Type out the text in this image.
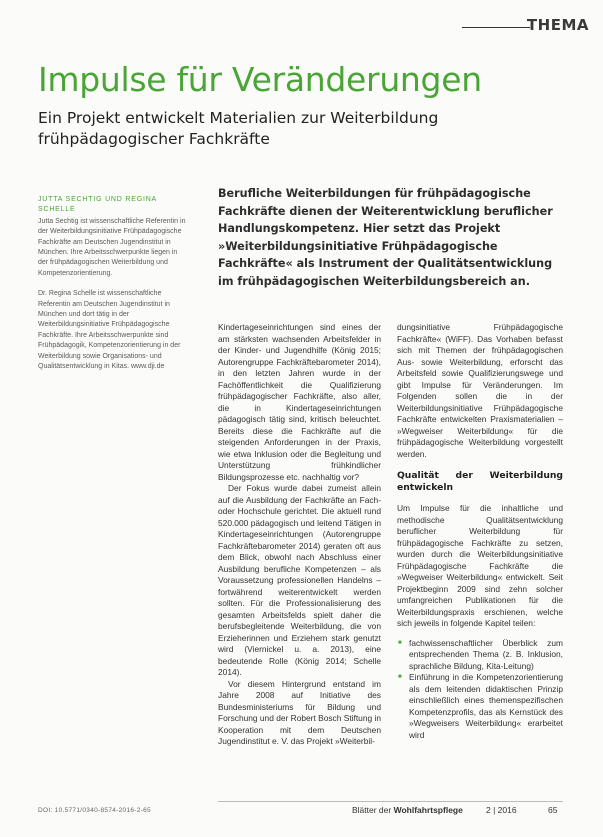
THEMA
Impulse für Veränderungen
Ein Projekt entwickelt Materialien zur Weiterbildung frühpädagogischer Fachkräfte
JUTTA SECHTIG UND REGINA SCHELLE

Jutta Sechtig ist wissenschaftliche Referentin in der Weiterbildungsinitiative Frühpädagogische Fachkräfte am Deutschen Jugendinstitut in München. Ihre Arbeitsschwerpunkte liegen in der frühpädagogischen Weiterbildung und Kompetenzorientierung.

Dr. Regina Schelle ist wissenschaftliche Referentin am Deutschen Jugendinstitut in München und dort tätig in der Weiterbildungsinitiative Frühpädagogische Fachkräfte. Ihre Arbeitsschwerpunkte sind Frühpädagogik, Kompetenzorientierung in der Weiterbildung sowie Organisations- und Qualitätsentwicklung in Kitas. www.dji.de

Berufliche Weiterbildungen für frühpädagogische Fachkräfte dienen der Weiterentwicklung beruflicher Handlungskompetenz. Hier setzt das Projekt »Weiterbildungsinitiative Frühpädagogische Fachkräfte« als Instrument der Qualitätsentwicklung im frühpädagogischen Weiterbildungsbereich an.

Kindertageseinrichtungen sind eines der am stärksten wachsenden Arbeitsfelder in der Kinder- und Jugendhilfe (König 2015; Autorengruppe Fachkräftebarometer 2014), in den letzten Jahren wurde in der Fachöffentlichkeit die Qualifizierung frühpädagogischer Fachkräfte, also aller, die in Kindertageseinrichtungen pädagogisch tätig sind, kritisch beleuchtet. Bereits diese die Fachkräfte auf die steigenden Anforderungen in der Praxis, wie etwa Inklusion oder die Begleitung und Unterstützung frühkindlicher Bildungsprozesse etc. nachhaltig vor?

Der Fokus wurde dabei zumeist allein auf die Ausbildung der Fachkräfte an Fach- oder Hochschule gerichtet. Die aktuell rund 520.000 pädagogisch und leitend Tätigen in Kindertageseinrichtungen (Autorengruppe Fachkräftebarometer 2014) geraten oft aus dem Blick, obwohl nach Abschluss einer Ausbildung berufliche Kompetenzen – als Voraussetzung professionellen Handelns – fortwährend weiterentwickelt werden sollten. Für die Professionalisierung des gesamten Arbeitsfelds spielt daher die berufsbegleitende Weiterbildung, die von Erzieherinnen und Erziehern stark genutzt wird (Viernickel u. a. 2013), eine bedeutende Rolle (König 2014; Schelle 2014).

Vor diesem Hintergrund entstand im Jahre 2008 auf Initiative des Bundesministeriums für Bildung und Forschung und der Robert Bosch Stiftung in Kooperation mit dem Deutschen Jugendinstitut e. V. das Projekt »Weiterbil-

dungsinitiative Frühpädagogische Fachkräfte« (WiFF). Das Vorhaben befasst sich mit Themen der frühpädagogischen Aus- sowie Weiterbildung, erforscht das Arbeitsfeld sowie Qualifizierungswege und gibt Impulse für Veränderungen. Im Folgenden sollen die in der Weiterbildungsinitiative Frühpädagogische Fachkräfte entwickelten Praxismaterialien – »Wegweiser Weiterbildung« für die frühpädagogische Weiterbildung vorgestellt werden.

Qualität der Weiterbildung entwickeln

Um Impulse für die inhaltliche und methodische Qualitätsentwicklung beruflicher Weiterbildung für frühpädagogische Fachkräfte zu setzen, wurden durch die Weiterbildungsinitiative Frühpädagogische Fachkräfte die »Wegweiser Weiterbildung« entwickelt. Seit Projektbeginn 2009 sind zehn solcher umfangreichen Publikationen für die Weiterbildungspraxis erschienen, welche sich jeweils in folgende Kapitel teilen:

■ fachwissenschaftlicher Überblick zum entsprechenden Thema (z. B. Inklusion, sprachliche Bildung, Kita-Leitung)
■ Einführung in die Kompetenzorientierung als dem leitenden didaktischen Prinzip einschließlich eines themenspezifischen Kompetenzprofils, das als Kernstück des »Wegweisers Weiterbildung« erarbeitet wird
DOI: 10.5771/0340-8574-2016-2-65	Blätter der Wohlfahrtspflege	2 | 2016	65
